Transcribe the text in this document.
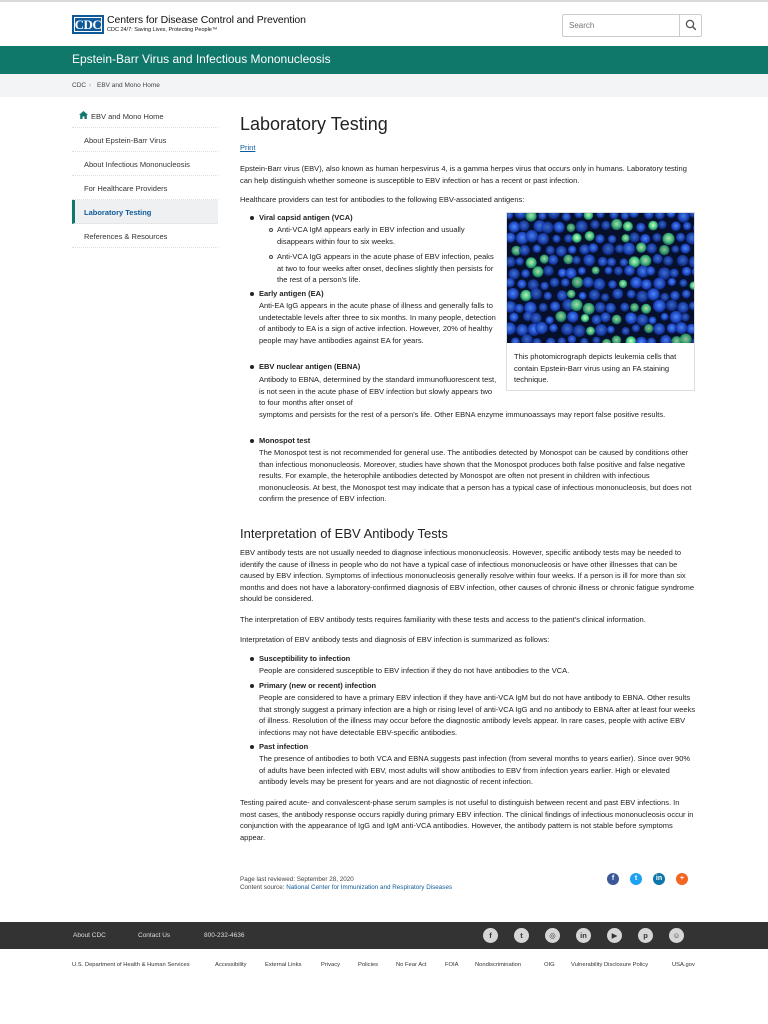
CDC Centers for Disease Control and Prevention
CDC 24/7: Saving Lives, Protecting People™
Search
Epstein-Barr Virus and Infectious Mononucleosis
CDC › EBV and Mono Home
EBV and Mono Home
About Epstein-Barr Virus
About Infectious Mononucleosis
For Healthcare Providers
Laboratory Testing
References & Resources
Laboratory Testing
Print
Epstein-Barr virus (EBV), also known as human herpesvirus 4, is a gamma herpes virus that occurs only in humans. Laboratory testing can help distinguish whether someone is susceptible to EBV infection or has a recent or past infection.
Healthcare providers can test for antibodies to the following EBV-associated antigens:
Viral capsid antigen (VCA)
Anti-VCA IgM appears early in EBV infection and usually disappears within four to six weeks.
Anti-VCA IgG appears in the acute phase of EBV infection, peaks at two to four weeks after onset, declines slightly then persists for the rest of a person's life.
Early antigen (EA)
Anti-EA IgG appears in the acute phase of illness and generally falls to undetectable levels after three to six months. In many people, detection of antibody to EA is a sign of active infection. However, 20% of healthy people may have antibodies against EA for years.
EBV nuclear antigen (EBNA)
Antibody to EBNA, determined by the standard immunofluorescent test, is not seen in the acute phase of EBV infection but slowly appears two to four months after onset of
symptoms and persists for the rest of a person's life. Other EBNA enzyme immunoassays may report false positive results.
This photomicrograph depicts leukemia cells that contain Epstein-Barr virus using an FA staining technique.
Monospot test
The Monospot test is not recommended for general use. The antibodies detected by Monospot can be caused by conditions other than infectious mononucleosis. Moreover, studies have shown that the Monospot produces both false positive and false negative results. For example, the heterophile antibodies detected by Monospot are often not present in children with infectious mononucleosis. At best, the Monospot test may indicate that a person has a typical case of infectious mononucleosis, but does not confirm the presence of EBV infection.
Interpretation of EBV Antibody Tests
EBV antibody tests are not usually needed to diagnose infectious mononucleosis. However, specific antibody tests may be needed to identify the cause of illness in people who do not have a typical case of infectious mononucleosis or have other illnesses that can be caused by EBV infection. Symptoms of infectious mononucleosis generally resolve within four weeks. If a person is ill for more than six months and does not have a laboratory-confirmed diagnosis of EBV infection, other causes of chronic illness or chronic fatigue syndrome should be considered.
The interpretation of EBV antibody tests requires familiarity with these tests and access to the patient's clinical information.
Interpretation of EBV antibody tests and diagnosis of EBV infection is summarized as follows:
Susceptibility to infection
People are considered susceptible to EBV infection if they do not have antibodies to the VCA.
Primary (new or recent) infection
People are considered to have a primary EBV infection if they have anti-VCA IgM but do not have antibody to EBNA. Other results that strongly suggest a primary infection are a high or rising level of anti-VCA IgG and no antibody to EBNA after at least four weeks of illness. Resolution of the illness may occur before the diagnostic antibody levels appear. In rare cases, people with active EBV infections may not have detectable EBV-specific antibodies.
Past infection
The presence of antibodies to both VCA and EBNA suggests past infection (from several months to years earlier). Since over 90% of adults have been infected with EBV, most adults will show antibodies to EBV from infection years earlier. High or elevated antibody levels may be present for years and are not diagnostic of recent infection.
Testing paired acute- and convalescent-phase serum samples is not useful to distinguish between recent and past EBV infections. In most cases, the antibody response occurs rapidly during primary EBV infection. The clinical findings of infectious mononucleosis occur in conjunction with the appearance of IgG and IgM anti-VCA antibodies. However, the antibody pattern is not stable before symptoms appear.
Page last reviewed: September 28, 2020
Content source: National Center for Immunization and Respiratory Diseases
f	t	in	+
About CDC	Contact Us	800-232-4636	f	t	◎	in	▶	p	☺
U.S. Department of Health & Human Services	Accessibility	External Links	Privacy	Policies	No Fear Act	FOIA	Nondiscrimination	OIG	Vulnerability Disclosure Policy	USA.gov
